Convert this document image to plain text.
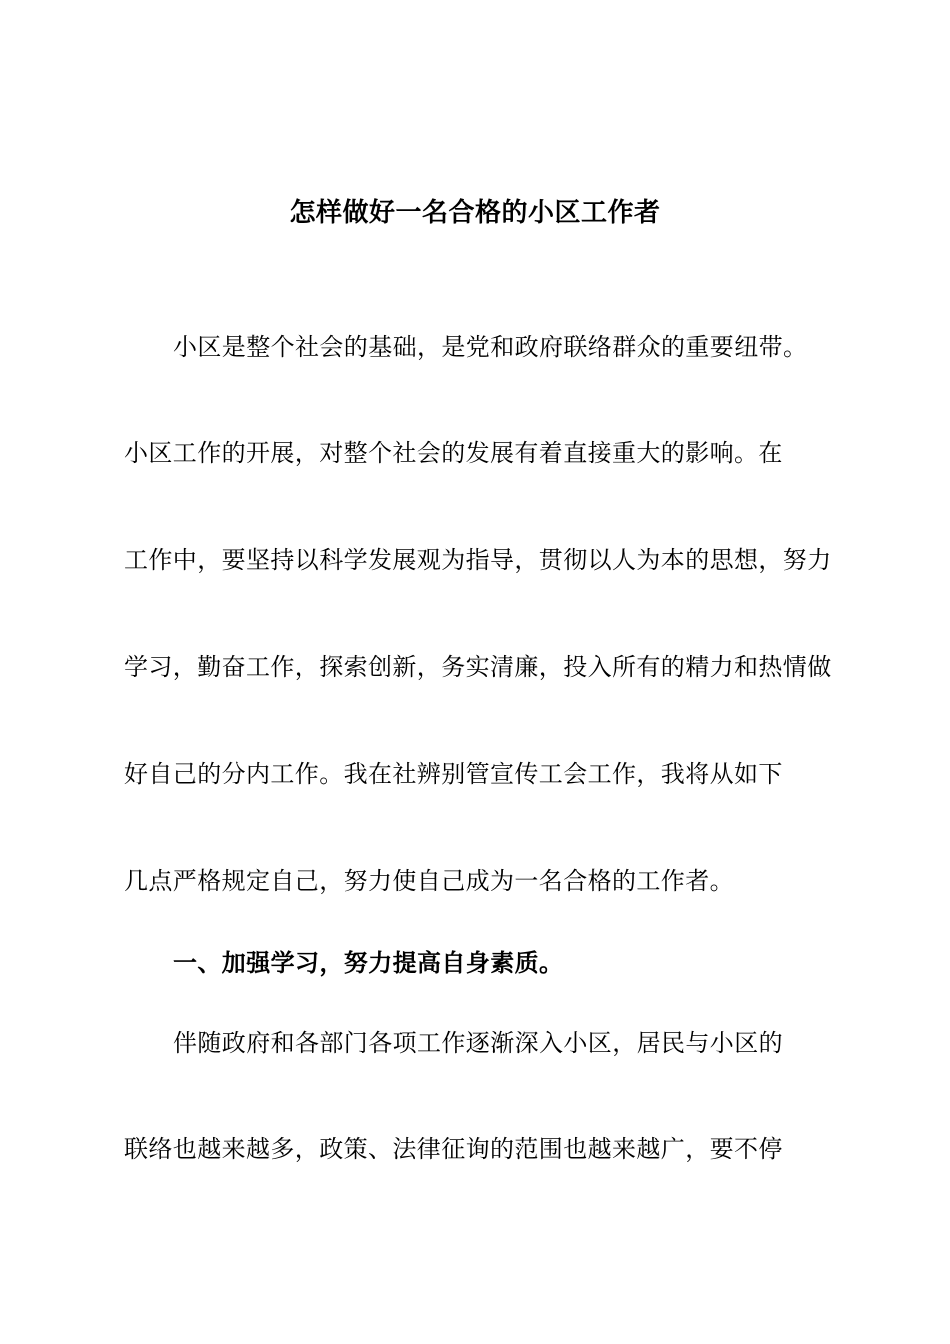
怎样做好一名合格的小区工作者

小区是整个社会的基础，是党和政府联络群众的重要纽带。

小区工作的开展，对整个社会的发展有着直接重大的影响。在

工作中，要坚持以科学发展观为指导，贯彻以人为本的思想，努力

学习，勤奋工作，探索创新，务实清廉，投入所有的精力和热情做

好自己的分内工作。我在社辨别管宣传工会工作，我将从如下

几点严格规定自己，努力使自己成为一名合格的工作者。

一、加强学习，努力提高自身素质。

伴随政府和各部门各项工作逐渐深入小区，居民与小区的

联络也越来越多，政策、法律征询的范围也越来越广，要不停
